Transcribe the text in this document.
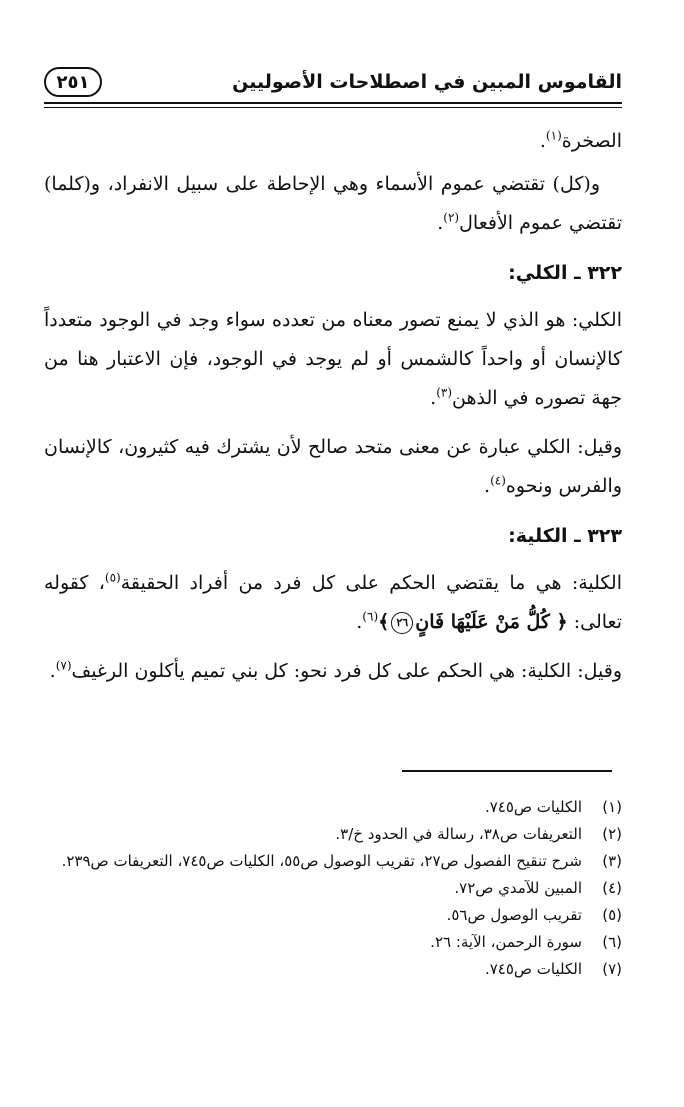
٢٥١	القاموس المبين في اصطلاحات الأصوليين

الصخرة$^{(١)}$.

و(كل) تقتضي عموم الأسماء وهي الإحاطة على سبيل الانفراد، و(كلما) تقتضي عموم الأفعال$^{(٢)}$.

٣٢٢ ـ الكلي :

الكلي: هو الذي لا يمنع تصور معناه من تعدده سواء وجد في الوجود متعدداً كالإنسان أو واحداً كالشمس أو لم يوجد في الوجود، فإن الاعتبار هنا من جهة تصوره في الذهن$^{(٣)}$.

وقيل: الكلي عبارة عن معنى متحد صالح لأن يشترك فيه كثيرون، كالإنسان والفرس ونحوه$^{(٤)}$.

٣٢٣ ـ الكلية :

الكلية: هي ما يقتضي الحكم على كل فرد من أفراد الحقيقة$^{(٥)}$، كقوله تعالى: ﴿ كُلُّ مَنْ عَلَيْهَا فَانٍ٢٦﴾$^{(٦)}$.

وقيل: الكلية: هي الحكم على كل فرد نحو: كل بني تميم يأكلون الرغيف$^{(٧)}$.

(١)
الكليات ص٧٤٥.
(٢)
التعريفات ص٣٨، رسالة في الحدود خ/٣.
(٣)
شرح تنقيح الفصول ص٢٧، تقريب الوصول ص٥٥، الكليات ص٧٤٥، التعريفات ص٢٣٩.
(٤)
المبين للآمدي ص٧٢.
(٥)
تقريب الوصول ص٥٦.
(٦)
سورة الرحمن، الآية: ٢٦.
(٧)
الكليات ص٧٤٥.
